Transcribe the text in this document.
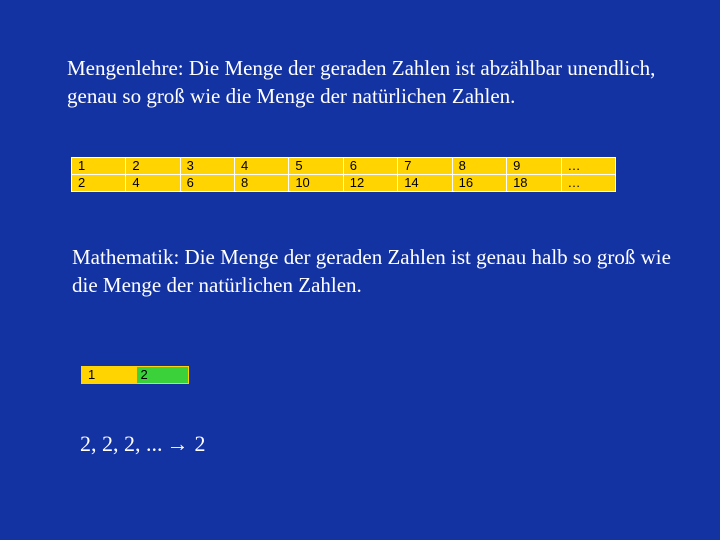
Mengenlehre: Die Menge der geraden Zahlen ist abzählbar unendlich, genau so groß wie die Menge der natürlichen Zahlen.

1	2	3	4	5	6	7	8	9	…
2	4	6	8	10	12	14	16	18	…

Mathematik: Die Menge der geraden Zahlen ist genau halb so groß wie die Menge der natürlichen Zahlen.

1	2
2, 2, 2, ... → 2
